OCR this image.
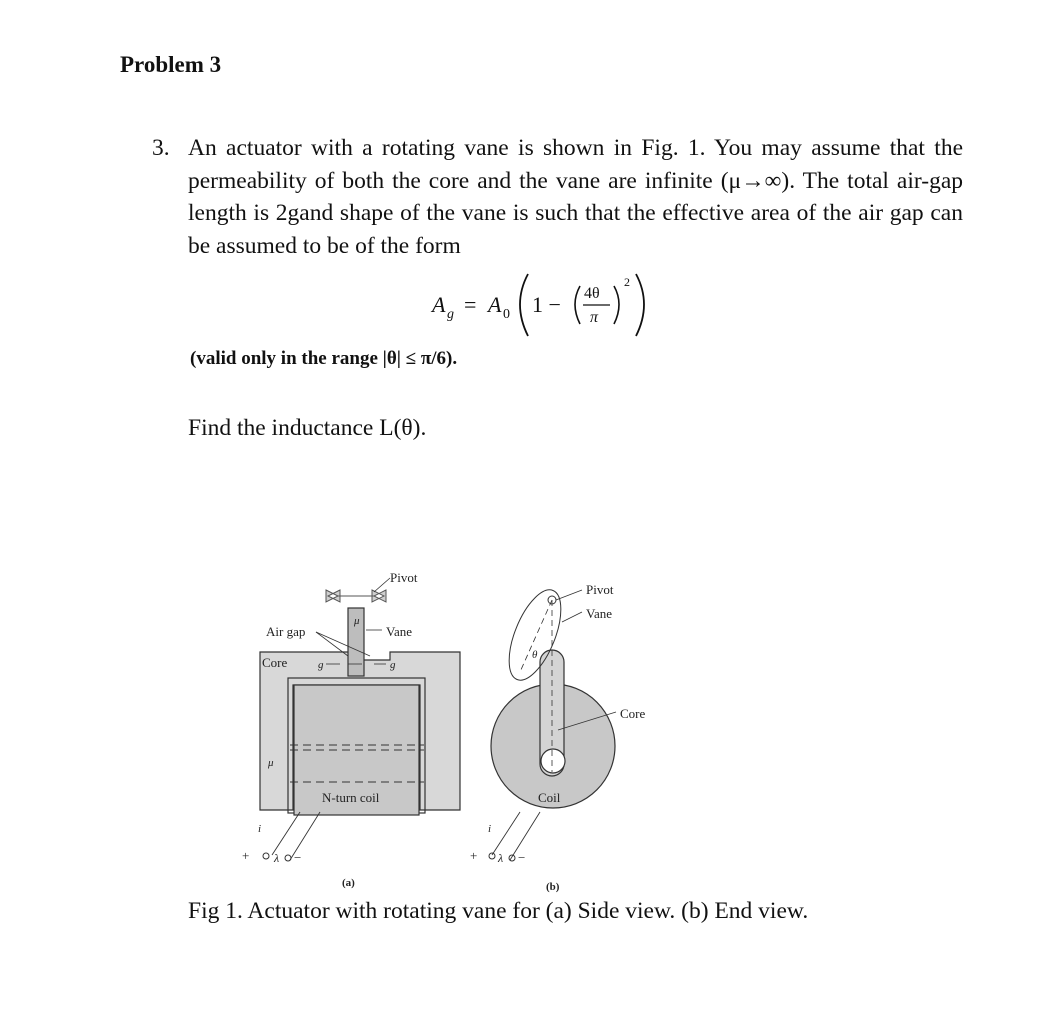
Problem 3
3. An actuator with a rotating vane is shown in Fig. 1. You may assume that the permeability of both the core and the vane are infinite (μ→∞). The total air-gap length is 2gand shape of the vane is such that the effective area of the air gap can be assumed to be of the form
A g = A 0 1 − 4θ
π
2
(valid only in the range |θ| ≤ π/6).
Find the inductance L(θ).
Pivot
μ
Air gap	Vane
Core	g	g
μ
N-turn coil
i
+ λ −
(a)
θ
Pivot
Vane
Core
Coil
i
+ λ −
(b)
Fig 1. Actuator with rotating vane for (a) Side view. (b) End view.
